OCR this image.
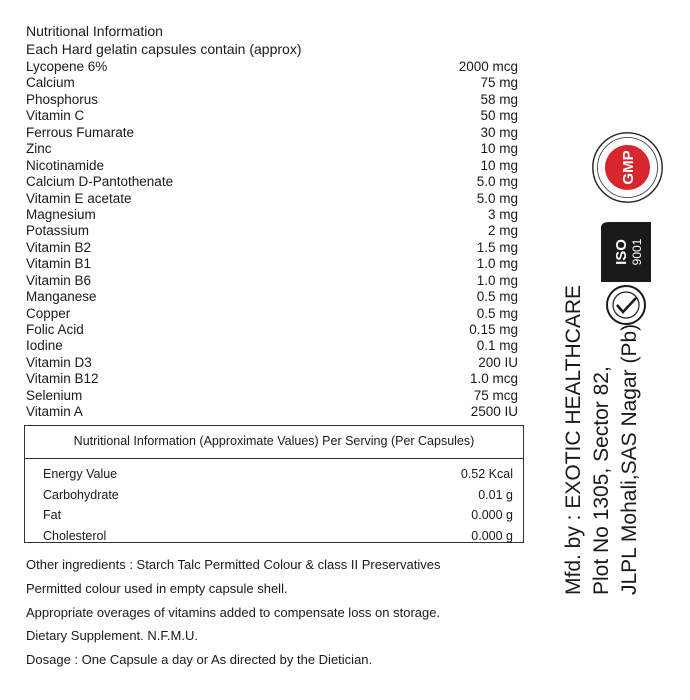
Nutritional Information
Each Hard gelatin capsules contain (approx)
Lycopene 6%	2000 mcg
Calcium	75 mg
Phosphorus	58 mg
Vitamin C	50 mg
Ferrous Fumarate	30 mg
Zinc	10 mg
Nicotinamide	10 mg
Calcium D-Pantothenate	5.0 mg
Vitamin E acetate	5.0 mg
Magnesium	3 mg
Potassium	2 mg
Vitamin B2	1.5 mg
Vitamin B1	1.0 mg
Vitamin B6	1.0 mg
Manganese	0.5 mg
Copper	0.5 mg
Folic Acid	0.15 mg
Iodine	0.1 mg
Vitamin D3	200 IU
Vitamin B12	1.0 mcg
Selenium	75 mcg
Vitamin A	2500 IU
Nutritional Information (Approximate Values) Per Serving (Per Capsules)
Energy Value	0.52 Kcal
Carbohydrate	0.01 g
Fat	0.000 g
Cholesterol	0.000 g

Other ingredients : Starch Talc Permitted Colour & class II Preservatives

Permitted colour used in empty capsule shell.

Appropriate overages of vitamins added to compensate loss on storage.

Dietary Supplement. N.F.M.U.

Dosage : One Capsule a day or As directed by the Dietician.

Mfd. by : EXOTIC HEALTHCARE Plot No 1305, Sector 82, JLPL Mohali,SAS Nagar (Pb)

GMP
ISO 9001
